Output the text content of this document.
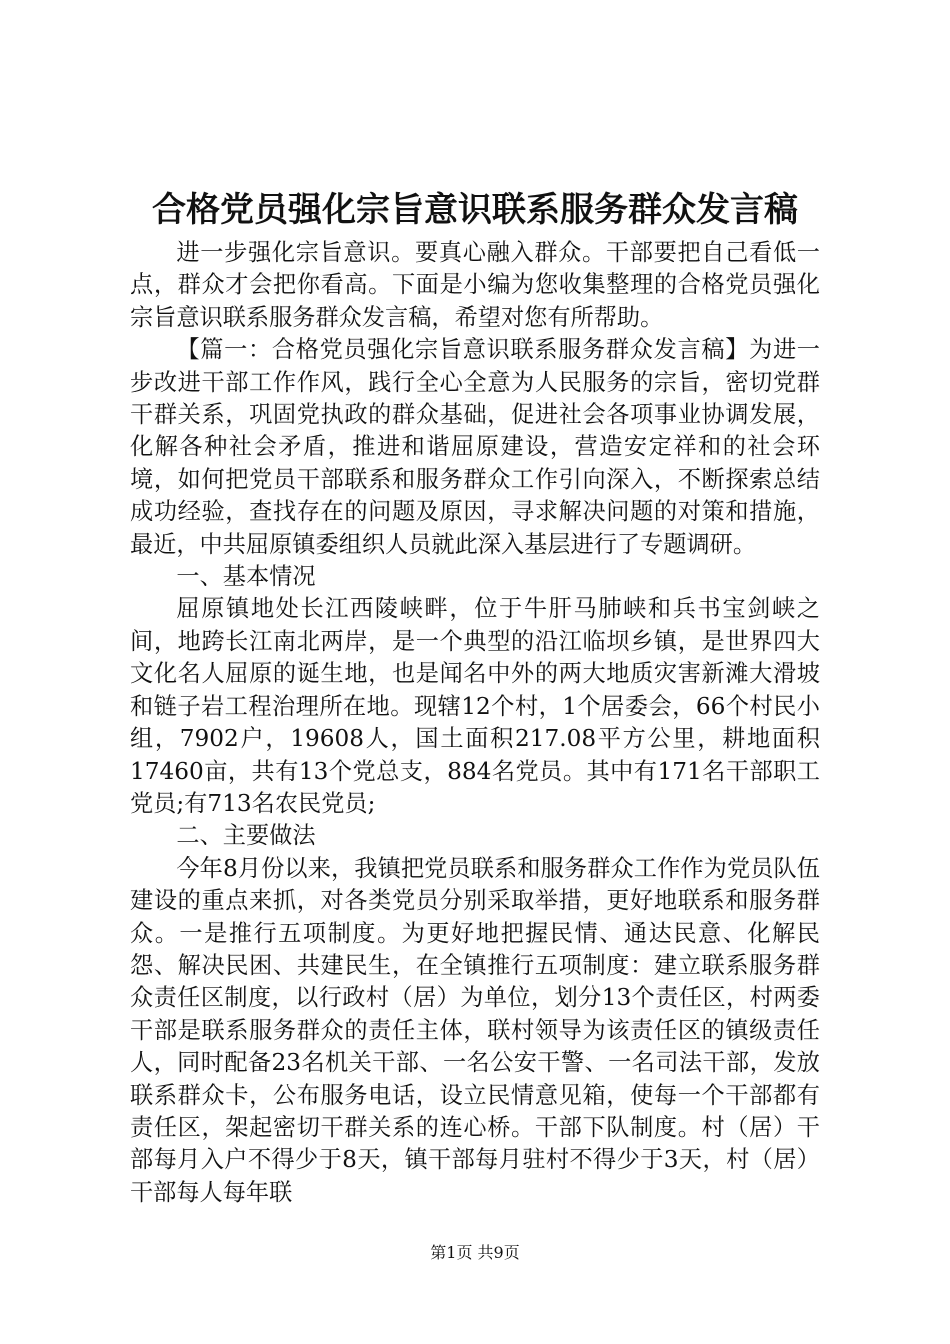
合格党员强化宗旨意识联系服务群众发言稿

进一步强化宗旨意识。要真心融入群众。干部要把自己看低一点，群众才会把你看高。下面是小编为您收集整理的合格党员强化宗旨意识联系服务群众发言稿，希望对您有所帮助。

【篇一：合格党员强化宗旨意识联系服务群众发言稿】为进一步改进干部工作作风，践行全心全意为人民服务的宗旨，密切党群干群关系，巩固党执政的群众基础，促进社会各项事业协调发展，化解各种社会矛盾，推进和谐屈原建设，营造安定祥和的社会环境，如何把党员干部联系和服务群众工作引向深入，不断探索总结成功经验，查找存在的问题及原因，寻求解决问题的对策和措施，最近，中共屈原镇委组织人员就此深入基层进行了专题调研。

一、基本情况

屈原镇地处长江西陵峡畔，位于牛肝马肺峡和兵书宝剑峡之间，地跨长江南北两岸，是一个典型的沿江临坝乡镇，是世界四大文化名人屈原的诞生地，也是闻名中外的两大地质灾害新滩大滑坡和链子岩工程治理所在地。现辖12个村，1个居委会，66个村民小组，7902户，19608人，国土面积217.08平方公里，耕地面积17460亩，共有13个党总支，884名党员。其中有171名干部职工党员;有713名农民党员;

二、主要做法

今年8月份以来，我镇把党员联系和服务群众工作作为党员队伍建设的重点来抓，对各类党员分别采取举措，更好地联系和服务群众。一是推行五项制度。为更好地把握民情、通达民意、化解民怨、解决民困、共建民生，在全镇推行五项制度：建立联系服务群众责任区制度，以行政村（居）为单位，划分13个责任区，村两委干部是联系服务群众的责任主体，联村领导为该责任区的镇级责任人，同时配备23名机关干部、一名公安干警、一名司法干部，发放联系群众卡，公布服务电话，设立民情意见箱，使每一个干部都有责任区，架起密切干群关系的连心桥。干部下队制度。村（居）干部每月入户不得少于8天，镇干部每月驻村不得少于3天，村（居）干部每人每年联

第1页 共9页
